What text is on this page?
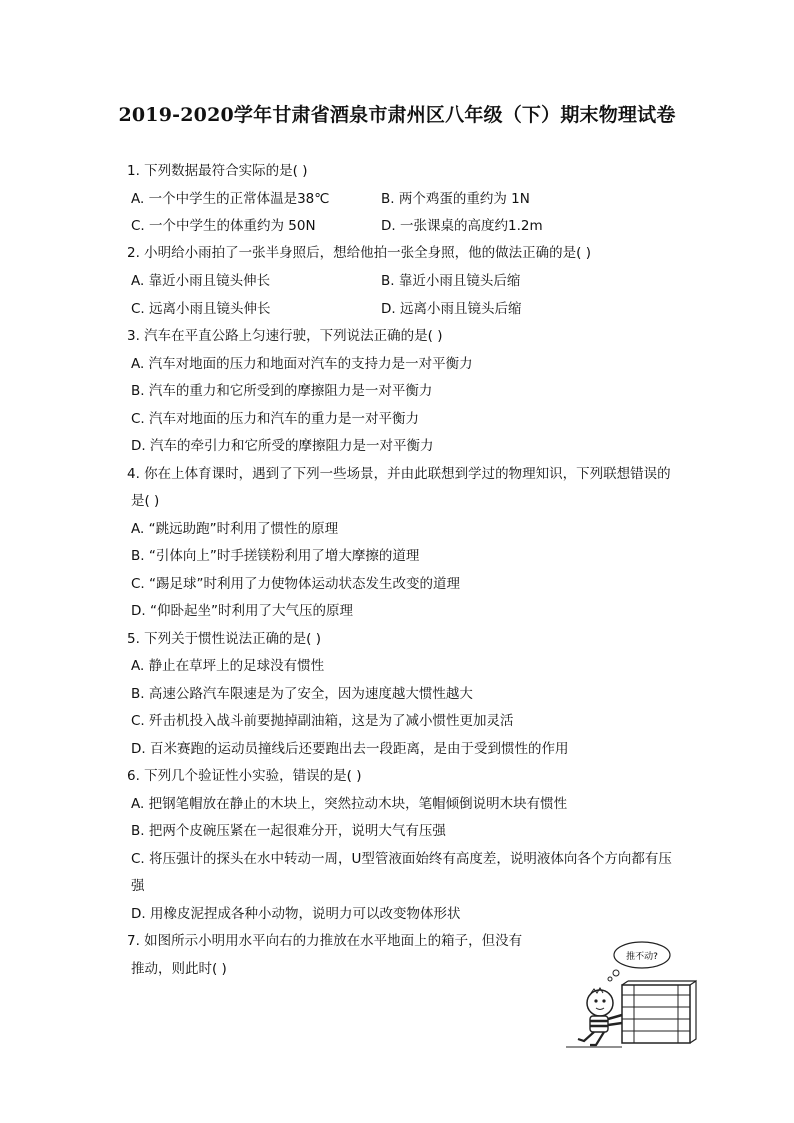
2019-2020学年甘肃省酒泉市肃州区八年级（下）期末物理试卷
1. 下列数据最符合实际的是( )
A. 一个中学生的正常体温是38℃	B. 两个鸡蛋的重约为 1N
C. 一个中学生的体重约为 50N	D. 一张课桌的高度约1.2m
2. 小明给小雨拍了一张半身照后，想给他拍一张全身照，他的做法正确的是( )
A. 靠近小雨且镜头伸长	B. 靠近小雨且镜头后缩
C. 远离小雨且镜头伸长	D. 远离小雨且镜头后缩
3. 汽车在平直公路上匀速行驶，下列说法正确的是( )
A. 汽车对地面的压力和地面对汽车的支持力是一对平衡力
B. 汽车的重力和它所受到的摩擦阻力是一对平衡力
C. 汽车对地面的压力和汽车的重力是一对平衡力
D. 汽车的牵引力和它所受的摩擦阻力是一对平衡力
4. 你在上体育课时，遇到了下列一些场景，并由此联想到学过的物理知识，下列联想错误的
是( )
A. “跳远助跑”时利用了惯性的原理
B. “引体向上”时手搓镁粉利用了增大摩擦的道理
C. “踢足球”时利用了力使物体运动状态发生改变的道理
D. “仰卧起坐”时利用了大气压的原理
5. 下列关于惯性说法正确的是( )
A. 静止在草坪上的足球没有惯性
B. 高速公路汽车限速是为了安全，因为速度越大惯性越大
C. 歼击机投入战斗前要抛掉副油箱，这是为了减小惯性更加灵活
D. 百米赛跑的运动员撞线后还要跑出去一段距离，是由于受到惯性的作用
6. 下列几个验证性小实验，错误的是( )
A. 把钢笔帽放在静止的木块上，突然拉动木块，笔帽倾倒说明木块有惯性
B. 把两个皮碗压紧在一起很难分开，说明大气有压强
C. 将压强计的探头在水中转动一周，U型管液面始终有高度差，说明液体向各个方向都有压
强
D. 用橡皮泥捏成各种小动物，说明力可以改变物体形状
7. 如图所示小明用水平向右的力推放在水平地面上的箱子，但没有
推动，则此时( )
推不动?
